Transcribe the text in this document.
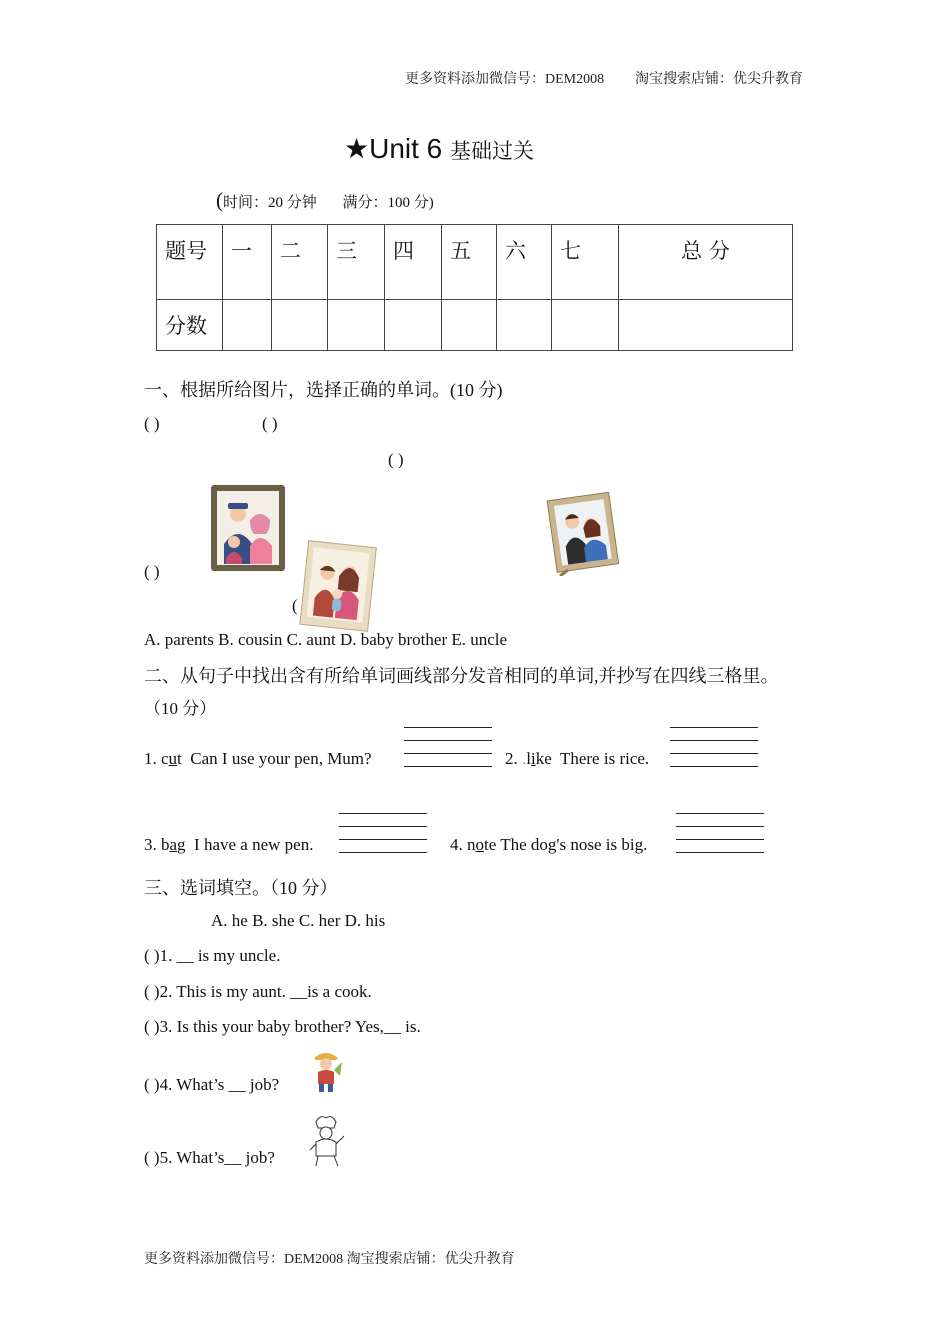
更多资料添加微信号：DEM2008 淘宝搜索店铺：优尖升教育
★Unit 6 基础过关
(时间：20 分钟 满分：100 分)
题号	一	二	三	四	五	六	七	总 分
分数								
一、根据所给图片，选择正确的单词。(10 分)
( )	( )
( )
( )
(
A. parents B. cousin C. aunt D. baby brother E. uncle
二、从句子中找出含有所给单词画线部分发音相同的单词,并抄写在四线三格里。
（10 分）
1. cut Can I use your pen, Mum?	2. .like There is rice.
3. bag I have a new pen.	4. note The dog's nose is big.
三、选词填空。（10 分）
A. he B. she C. her D. his
( )1. __ is my uncle.
( )2. This is my aunt. __is a cook.
( )3. Is this your baby brother? Yes,__ is.
( )4. What’s __ job?
( )5. What’s__ job?
更多资料添加微信号：DEM2008 淘宝搜索店铺：优尖升教育
